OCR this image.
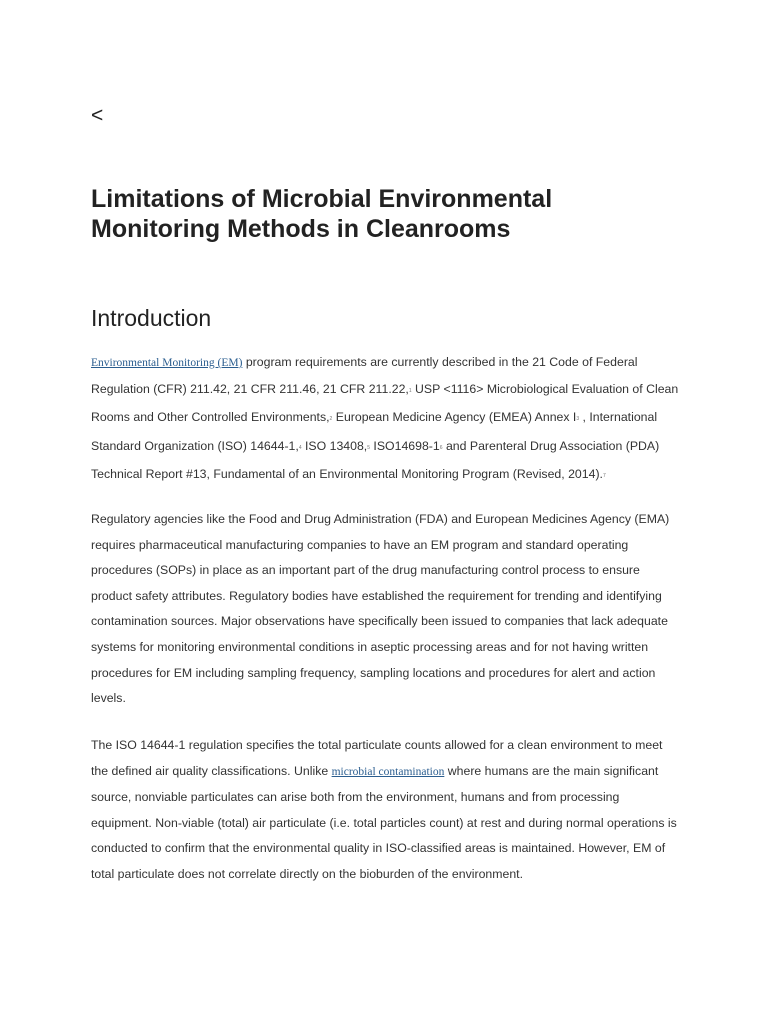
<
Limitations of Microbial Environmental Monitoring Methods in Cleanrooms
Introduction

Environmental Monitoring (EM) program requirements are currently described in the 21 Code of Federal Regulation (CFR) 211.42, 21 CFR 211.46, 21 CFR 211.22,$^1$ USP <1116> Microbiological Evaluation of Clean Rooms and Other Controlled Environments,$^2$ European Medicine Agency (EMEA) Annex I$^3$ , International Standard Organization (ISO) 14644-1,$^4$ ISO 13408,$^5$ ISO14698-1$^6$ and Parenteral Drug Association (PDA) Technical Report #13, Fundamental of an Environmental Monitoring Program (Revised, 2014).$^7$

Regulatory agencies like the Food and Drug Administration (FDA) and European Medicines Agency (EMA) requires pharmaceutical manufacturing companies to have an EM program and standard operating procedures (SOPs) in place as an important part of the drug manufacturing control process to ensure product safety attributes. Regulatory bodies have established the requirement for trending and identifying contamination sources. Major observations have specifically been issued to companies that lack adequate systems for monitoring environmental conditions in aseptic processing areas and for not having written procedures for EM including sampling frequency, sampling locations and procedures for alert and action levels.

The ISO 14644-1 regulation specifies the total particulate counts allowed for a clean environment to meet the defined air quality classifications. Unlike microbial contamination where humans are the main significant source, nonviable particulates can arise both from the environment, humans and from processing equipment. Non-viable (total) air particulate (i.e. total particles count) at rest and during normal operations is conducted to confirm that the environmental quality in ISO-classified areas is maintained. However, EM of total particulate does not correlate directly on the bioburden of the environment.
